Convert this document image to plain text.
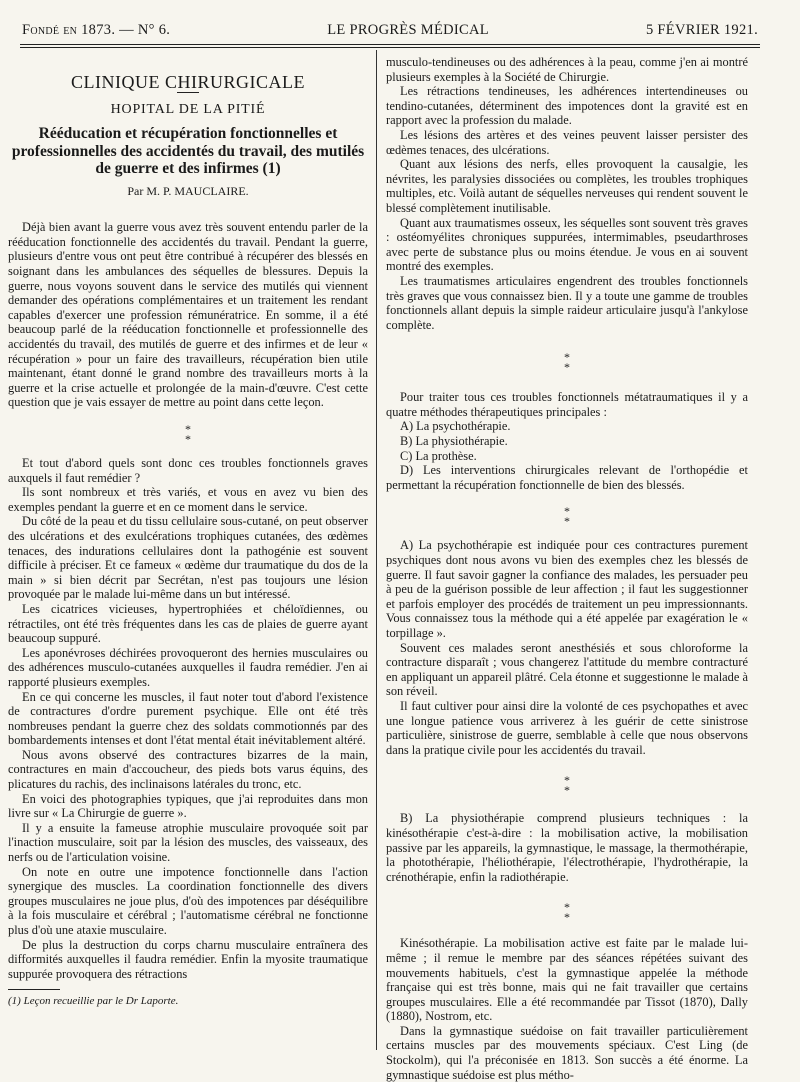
Fondé en 1873. — N° 6.	LE PROGRÈS MÉDICAL	5 FÉVRIER 1921.
CLINIQUE CHIRURGICALE
HOPITAL DE LA PITIÉ
Rééducation et récupération fonctionnelles et professionnelles des accidentés du travail, des mutilés de guerre et des infirmes (1)
Par M. P. MAUCLAIRE.

Déjà bien avant la guerre vous avez très souvent entendu parler de la rééducation fonctionnelle des accidentés du travail. Pendant la guerre, plusieurs d'entre vous ont peut être contribué à récupérer des blessés en soignant dans les ambulances des séquelles de blessures. Depuis la guerre, nous voyons souvent dans le service des mutilés qui viennent demander des opérations complémentaires et un traitement les rendant capables d'exercer une profession rémunératrice. En somme, il a été beaucoup parlé de la rééducation fonctionnelle et professionnelle des accidentés du travail, des mutilés de guerre et des infirmes et de leur « récupération » pour un faire des travailleurs, récupération bien utile maintenant, étant donné le grand nombre des travailleurs morts à la guerre et la crise actuelle et prolongée de la main-d'œuvre. C'est cette question que je vais essayer de mettre au point dans cette leçon.

*
*

Et tout d'abord quels sont donc ces troubles fonctionnels graves auxquels il faut remédier ?

Ils sont nombreux et très variés, et vous en avez vu bien des exemples pendant la guerre et en ce moment dans le service.

Du côté de la peau et du tissu cellulaire sous-cutané, on peut observer des ulcérations et des exulcérations trophiques cutanées, des œdèmes tenaces, des indurations cellulaires dont la pathogénie est souvent difficile à préciser. Et ce fameux « œdème dur traumatique du dos de la main » si bien décrit par Secrétan, n'est pas toujours une lésion provoquée par le malade lui-même dans un but intéressé.

Les cicatrices vicieuses, hypertrophiées et chéloïdiennes, ou rétractiles, ont été très fréquentes dans les cas de plaies de guerre ayant beaucoup suppuré.

Les aponévroses déchirées provoqueront des hernies musculaires ou des adhérences musculo-cutanées auxquelles il faudra remédier. J'en ai rapporté plusieurs exemples.

En ce qui concerne les muscles, il faut noter tout d'abord l'existence de contractures d'ordre purement psychique. Elle ont été très nombreuses pendant la guerre chez des soldats commotionnés par des bombardements intenses et dont l'état mental était inévitablement altéré.

Nous avons observé des contractures bizarres de la main, contractures en main d'accoucheur, des pieds bots varus équins, des plicatures du rachis, des inclinaisons latérales du tronc, etc.

En voici des photographies typiques, que j'ai reproduites dans mon livre sur « La Chirurgie de guerre ».

Il y a ensuite la fameuse atrophie musculaire provoquée soit par l'inaction musculaire, soit par la lésion des muscles, des vaisseaux, des nerfs ou de l'articulation voisine.

On note en outre une impotence fonctionnelle dans l'action synergique des muscles. La coordination fonctionnelle des divers groupes musculaires ne joue plus, d'où des impotences par déséquilibre à la fois musculaire et cérébral ; l'automatisme cérébral ne fonctionne plus d'où une ataxie musculaire.

De plus la destruction du corps charnu musculaire entraînera des difformités auxquelles il faudra remédier. Enfin la myosite traumatique suppurée provoquera des rétractions

(1) Leçon recueillie par le Dr Laporte.

musculo-tendineuses ou des adhérences à la peau, comme j'en ai montré plusieurs exemples à la Société de Chirurgie.

Les rétractions tendineuses, les adhérences intertendineuses ou tendino-cutanées, déterminent des impotences dont la gravité est en rapport avec la profession du malade.

Les lésions des artères et des veines peuvent laisser persister des œdèmes tenaces, des ulcérations.

Quant aux lésions des nerfs, elles provoquent la causalgie, les névrites, les paralysies dissociées ou complètes, les troubles trophiques multiples, etc. Voilà autant de séquelles nerveuses qui rendent souvent le blessé complètement inutilisable.

Quant aux traumatismes osseux, les séquelles sont souvent très graves : ostéomyélites chroniques suppurées, intermimables, pseudarthroses avec perte de substance plus ou moins étendue. Je vous en ai souvent montré des exemples.

Les traumatismes articulaires engendrent des troubles fonctionnels très graves que vous connaissez bien. Il y a toute une gamme de troubles fonctionnels allant depuis la simple raideur articulaire jusqu'à l'ankylose complète.

*
*

Pour traiter tous ces troubles fonctionnels métatraumatiques il y a quatre méthodes thérapeutiques principales :

A) La psychothérapie.

B) La physiothérapie.

C) La prothèse.

D) Les interventions chirurgicales relevant de l'orthopédie et permettant la récupération fonctionnelle de bien des blessés.

*
*

A) La psychothérapie est indiquée pour ces contractures purement psychiques dont nous avons vu bien des exemples chez les blessés de guerre. Il faut savoir gagner la confiance des malades, les persuader peu à peu de la guérison possible de leur affection ; il faut les suggestionner et parfois employer des procédés de traitement un peu impressionnants. Vous connaissez tous la méthode qui a été appelée par exagération le « torpillage ».

Souvent ces malades seront anesthésiés et sous chloroforme la contracture disparaît ; vous changerez l'attitude du membre contracturé en appliquant un appareil plâtré. Cela étonne et suggestionne le malade à son réveil.

Il faut cultiver pour ainsi dire la volonté de ces psychopathes et avec une longue patience vous arriverez à les guérir de cette sinistrose particulière, sinistrose de guerre, semblable à celle que nous observons dans la pratique civile pour les accidentés du travail.

*
*

B) La physiothérapie comprend plusieurs techniques : la kinésothérapie c'est-à-dire : la mobilisation active, la mobilisation passive par les appareils, la gymnastique, le massage, la thermothérapie, la photothérapie, l'héliothérapie, l'électrothérapie, l'hydrothérapie, la crénothérapie, enfin la radiothérapie.

*
*

Kinésothérapie. La mobilisation active est faite par le malade lui-même ; il remue le membre par des séances répétées suivant des mouvements habituels, c'est la gymnastique appelée la méthode française qui est très bonne, mais qui ne fait travailler que certains groupes musculaires. Elle a été recommandée par Tissot (1870), Dally (1880), Nostrom, etc.

Dans la gymnastique suédoise on fait travailler particulièrement certains muscles par des mouvements spéciaux. C'est Ling (de Stockolm), qui l'a préconisée en 1813. Son succès a été énorme. La gymnastique suédoise est plus métho-
